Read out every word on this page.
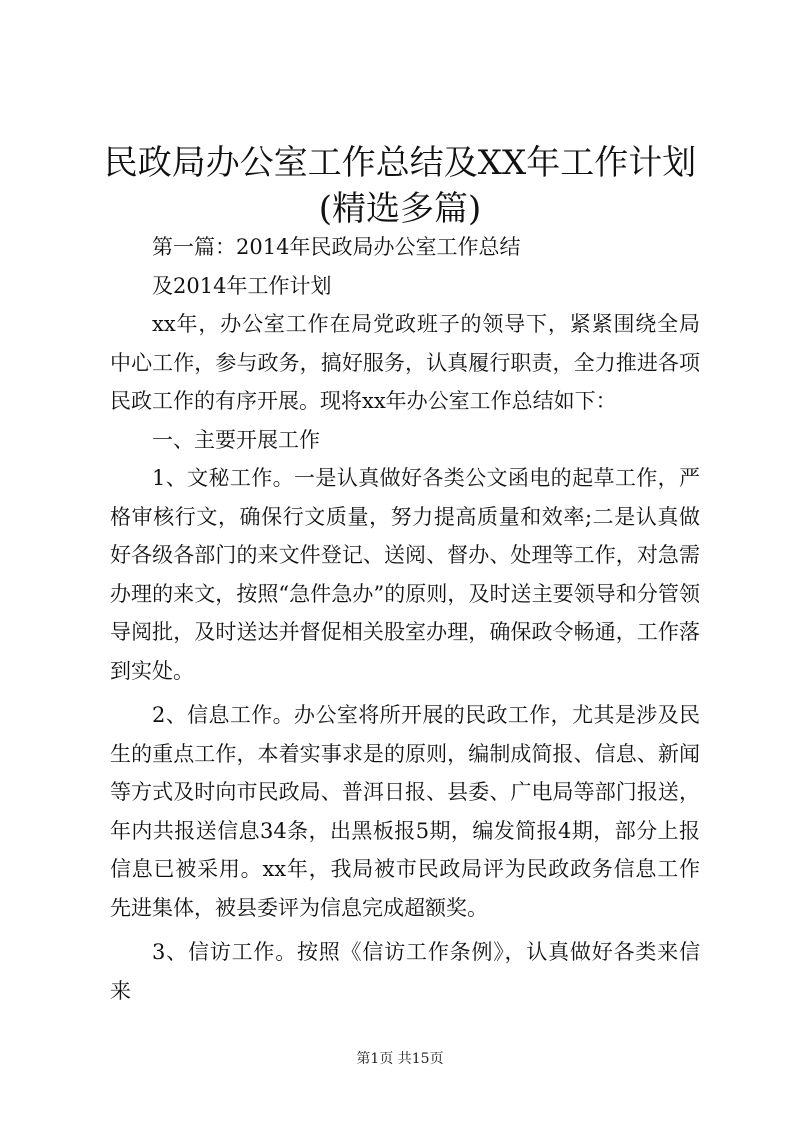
民政局办公室工作总结及XX年工作计划(精选多篇)

第一篇：2014年民政局办公室工作总结

及2014年工作计划

xx年，办公室工作在局党政班子的领导下，紧紧围绕全局中心工作，参与政务，搞好服务，认真履行职责，全力推进各项民政工作的有序开展。现将xx年办公室工作总结如下：

一、主要开展工作

1、文秘工作。一是认真做好各类公文函电的起草工作，严格审核行文，确保行文质量，努力提高质量和效率;二是认真做好各级各部门的来文件登记、送阅、督办、处理等工作，对急需办理的来文，按照“急件急办”的原则，及时送主要领导和分管领导阅批，及时送达并督促相关股室办理，确保政令畅通，工作落到实处。

2、信息工作。办公室将所开展的民政工作，尤其是涉及民生的重点工作，本着实事求是的原则，编制成简报、信息、新闻等方式及时向市民政局、普洱日报、县委、广电局等部门报送，年内共报送信息34条，出黑板报5期，编发简报4期，部分上报信息已被采用。xx年，我局被市民政局评为民政政务信息工作先进集体，被县委评为信息完成超额奖。

3、信访工作。按照《信访工作条例》，认真做好各类来信来

第1页 共15页
